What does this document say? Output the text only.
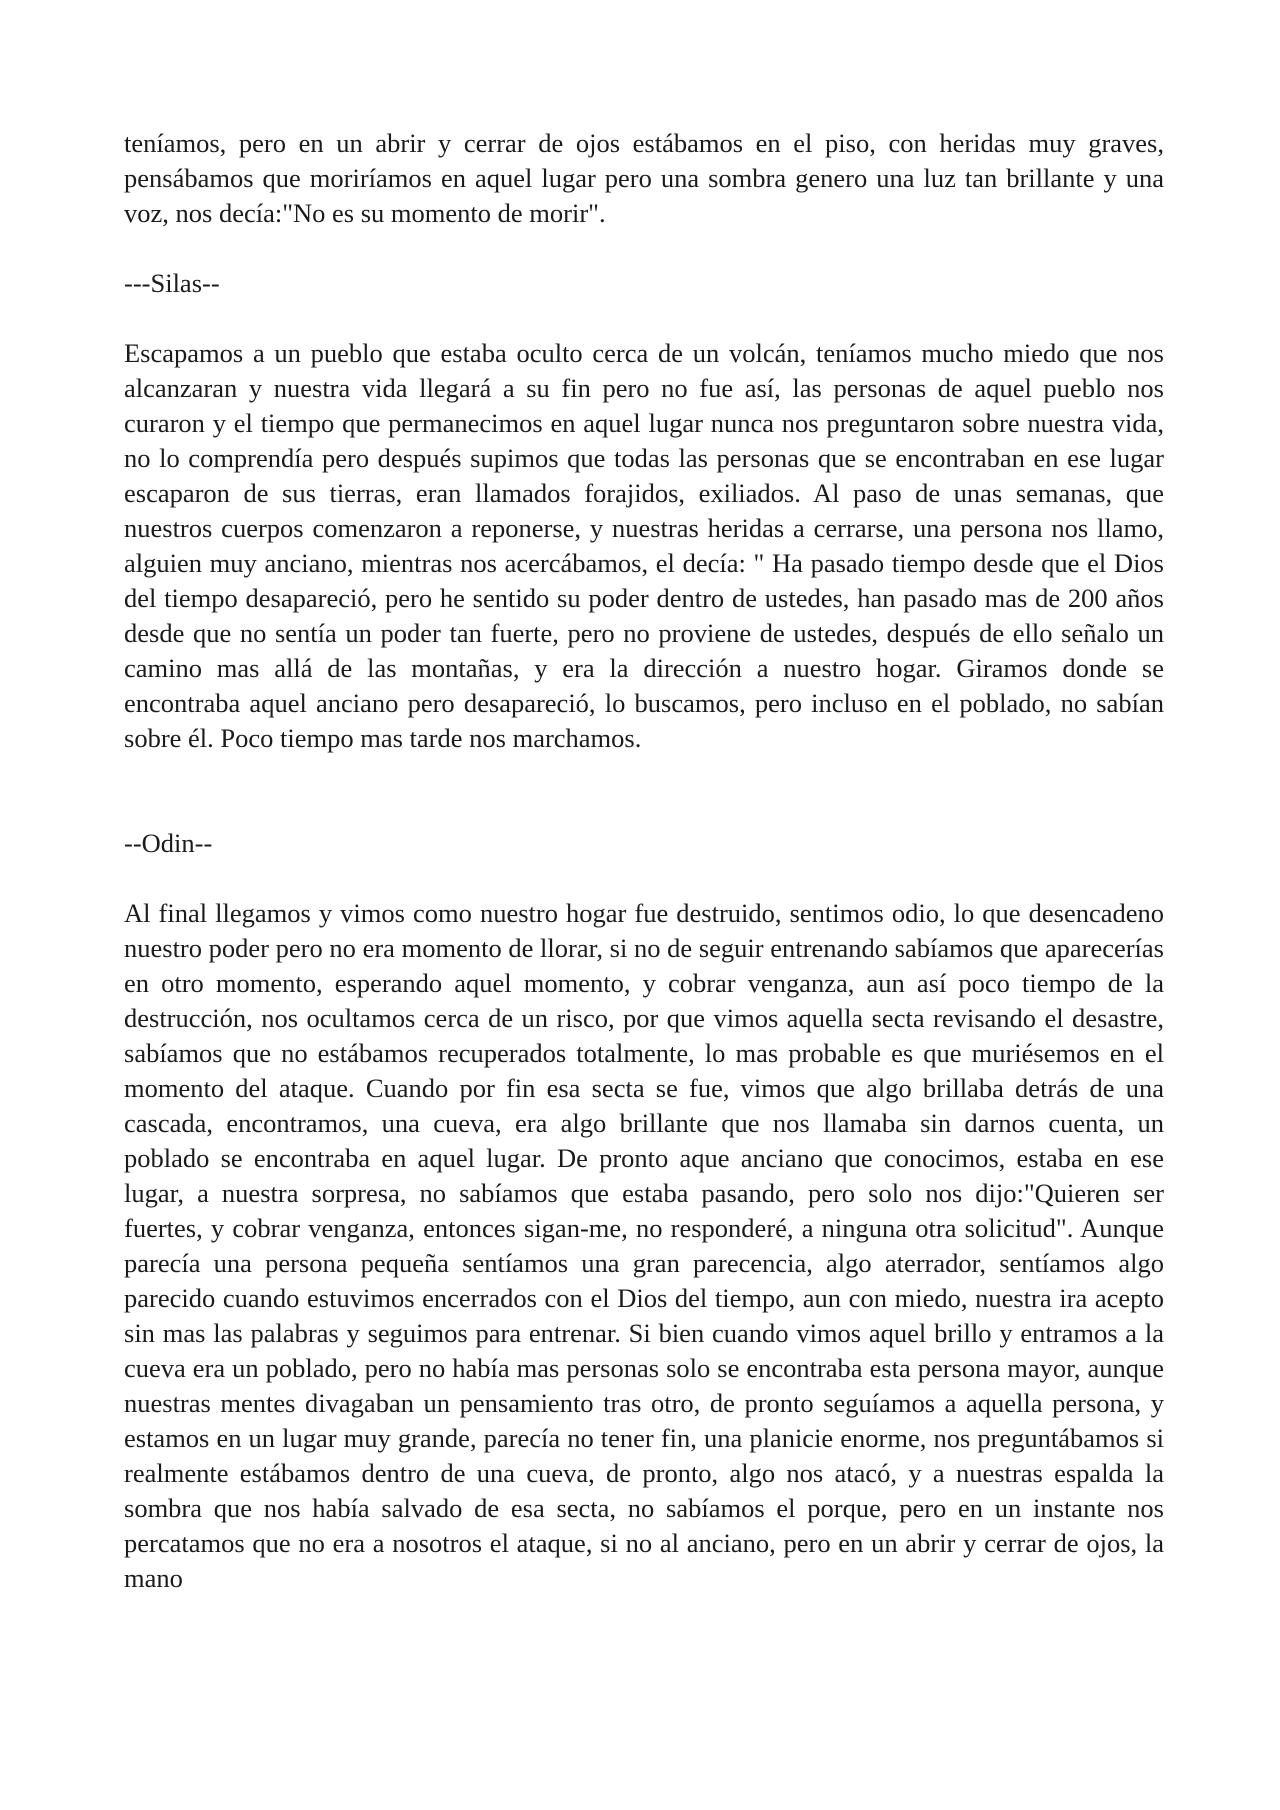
teníamos, pero en un abrir y cerrar de ojos estábamos en el piso, con heridas muy graves, pensábamos que moriríamos en aquel lugar pero una sombra genero una luz tan brillante y una voz, nos decía:"No es su momento de morir".

---Silas--

Escapamos a un pueblo que estaba oculto cerca de un volcán, teníamos mucho miedo que nos alcanzaran y nuestra vida llegará a su fin pero no fue así, las personas de aquel pueblo nos curaron y el tiempo que permanecimos en aquel lugar nunca nos preguntaron sobre nuestra vida, no lo comprendía pero después supimos que todas las personas que se encontraban en ese lugar escaparon de sus tierras, eran llamados forajidos, exiliados. Al paso de unas semanas, que nuestros cuerpos comenzaron a reponerse, y nuestras heridas a cerrarse, una persona nos llamo, alguien muy anciano, mientras nos acercábamos, el decía: " Ha pasado tiempo desde que el Dios del tiempo desapareció, pero he sentido su poder dentro de ustedes, han pasado mas de 200 años desde que no sentía un poder tan fuerte, pero no proviene de ustedes, después de ello señalo un camino mas allá de las montañas, y era la dirección a nuestro hogar. Giramos donde se encontraba aquel anciano pero desapareció, lo buscamos, pero incluso en el poblado, no sabían sobre él. Poco tiempo mas tarde nos marchamos.

--Odin--

Al final llegamos y vimos como nuestro hogar fue destruido, sentimos odio, lo que desencadeno nuestro poder pero no era momento de llorar, si no de seguir entrenando sabíamos que aparecerías en otro momento, esperando aquel momento, y cobrar venganza, aun así poco tiempo de la destrucción, nos ocultamos cerca de un risco, por que vimos aquella secta revisando el desastre, sabíamos que no estábamos recuperados totalmente, lo mas probable es que muriésemos en el momento del ataque. Cuando por fin esa secta se fue, vimos que algo brillaba detrás de una cascada, encontramos, una cueva, era algo brillante que nos llamaba sin darnos cuenta, un poblado se encontraba en aquel lugar. De pronto aque anciano que conocimos, estaba en ese lugar, a nuestra sorpresa, no sabíamos que estaba pasando, pero solo nos dijo:"Quieren ser fuertes, y cobrar venganza, entonces sigan-me, no responderé, a ninguna otra solicitud". Aunque parecía una persona pequeña sentíamos una gran parecencia, algo aterrador, sentíamos algo parecido cuando estuvimos encerrados con el Dios del tiempo, aun con miedo, nuestra ira acepto sin mas las palabras y seguimos para entrenar. Si bien cuando vimos aquel brillo y entramos a la cueva era un poblado, pero no había mas personas solo se encontraba esta persona mayor, aunque nuestras mentes divagaban un pensamiento tras otro, de pronto seguíamos a aquella persona, y estamos en un lugar muy grande, parecía no tener fin, una planicie enorme, nos preguntábamos si realmente estábamos dentro de una cueva, de pronto, algo nos atacó, y a nuestras espalda la sombra que nos había salvado de esa secta, no sabíamos el porque, pero en un instante nos percatamos que no era a nosotros el ataque, si no al anciano, pero en un abrir y cerrar de ojos, la mano
